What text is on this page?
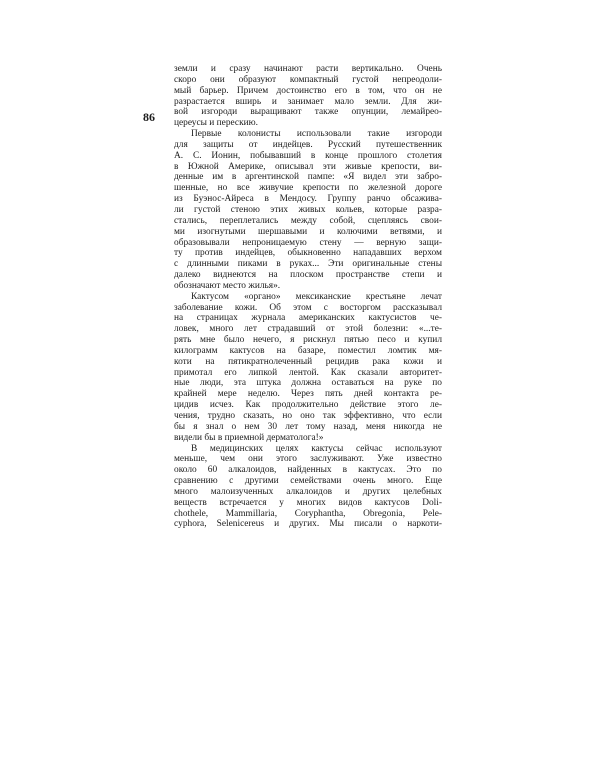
86
земли и сразу начинают расти вертикально. Очень
скоро они образуют компактный густой непреодоли-
мый барьер. Причем достоинство его в том, что он не
разрастается вширь и занимает мало земли. Для жи-
вой изгороди выращивают также опунции, лемайрео-
цереусы и перескию.
Первые колонисты использовали такие изгороди
для защиты от индейцев. Русский путешественник
А. С. Ионин, побывавший в конце прошлого столетия
в Южной Америке, описывал эти живые крепости, ви-
денные им в аргентинской пампе: «Я видел эти забро-
шенные, но все живучие крепости по железной дороге
из Буэнос-Айреса в Мендосу. Группу ранчо обсажива-
ли густой стеною этих живых кольев, которые разра-
стались, переплетались между собой, сцепляясь свои-
ми изогнутыми шершавыми и колючими ветвями, и
образовывали непроницаемую стену — верную защи-
ту против индейцев, обыкновенно нападавших верхом
с длинными пиками в руках... Эти оригинальные стены
далеко виднеются на плоском пространстве степи и
обозначают место жилья».
Кактусом «органо» мексиканские крестьяне лечат
заболевание кожи. Об этом с восторгом рассказывал
на страницах журнала американских кактусистов че-
ловек, много лет страдавший от этой болезни: «...те-
рять мне было нечего, я рискнул пятью песо и купил
килограмм кактусов на базаре, поместил ломтик мя-
коти на пятикратнолеченный рецидив рака кожи и
примотал его липкой лентой. Как сказали авторитет-
ные люди, эта штука должна оставаться на руке по
крайней мере неделю. Через пять дней контакта ре-
цидив исчез. Как продолжительно действие этого ле-
чения, трудно сказать, но оно так эффективно, что если
бы я знал о нем 30 лет тому назад, меня никогда не
видели бы в приемной дерматолога!»
В медицинских целях кактусы сейчас используют
меньше, чем они этого заслуживают. Уже известно
около 60 алкалоидов, найденных в кактусах. Это по
сравнению с другими семействами очень много. Еще
много малоизученных алкалоидов и других целебных
веществ встречается у многих видов кактусов Doli-
chothele, Mammillaria, Coryphantha, Obregonia, Pele-
cyphora, Selenicereus и других. Мы писали о наркоти-
